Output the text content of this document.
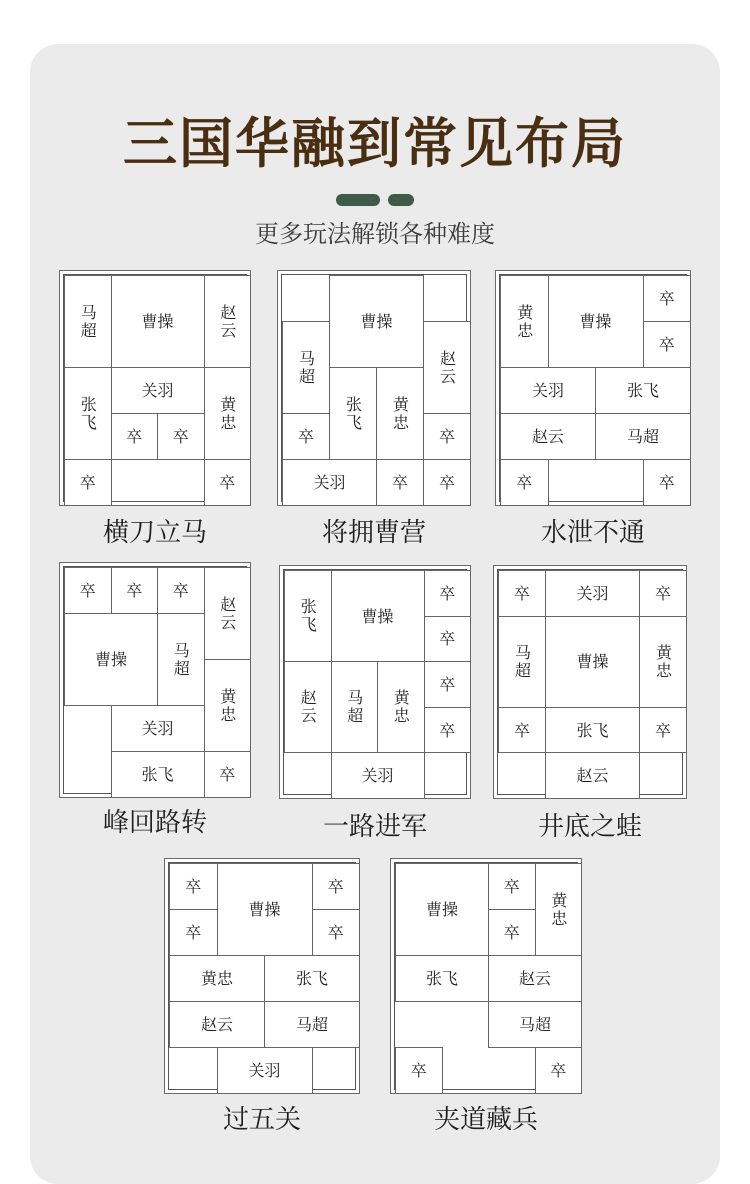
三国华融到常见布局
更多玩法解锁各种难度
马超	曹操	赵云
张飞
关羽
黄忠
卒	卒
卒	卒
横刀立马
曹操
马超	赵云
张飞	黄忠
卒	卒
关羽	卒	卒
将拥曹营
黄忠	曹操
卒
卒
关羽	张飞
赵云	马超
卒	卒
水泄不通
卒	卒	卒
赵云
曹操	马超
黄忠
关羽
张飞	卒
峰回路转
张飞	曹操
卒
卒
赵云	马超	黄忠
卒
卒
关羽
一路进军
卒	关羽	卒
马超	曹操	黄忠
卒	张飞	卒
赵云
井底之蛙
卒
曹操
卒
卒	卒
黄忠	张飞
赵云	马超
关羽
过五关
曹操
卒
黄忠
卒
张飞	赵云
马超
卒	卒
夹道藏兵
